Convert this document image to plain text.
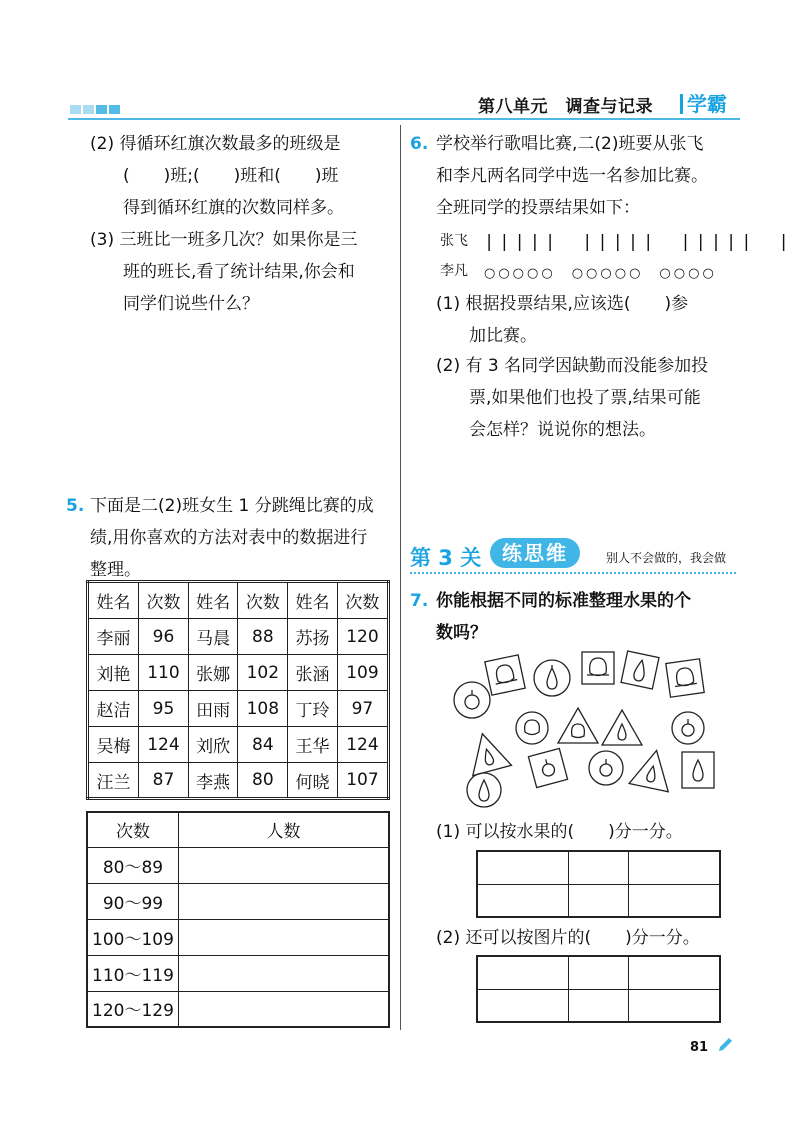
第八单元　调查与记录	学霸
(2) 得循环红旗次数最多的班级是
(　　)班;(　　)班和(　　)班
得到循环红旗的次数同样多。
(3) 三班比一班多几次？如果你是三
班的班长,看了统计结果,你会和
同学们说些什么？
5. 下面是二(2)班女生 1 分跳绳比赛的成
绩,用你喜欢的方法对表中的数据进行
整理。
姓名	次数	姓名	次数	姓名	次数
李丽	96	马晨	88	苏扬	120
刘艳	110	张娜	102	张涵	109
赵洁	95	田雨	108	丁玲	97
吴梅	124	刘欣	84	王华	124
汪兰	87	李燕	80	何晓	107
次数	人数
80～89	
90～99	
100～109	
110～119	
120～129	
6. 学校举行歌唱比赛,二(2)班要从张飞
和李凡两名同学中选一名参加比赛。
全班同学的投票结果如下：
张飞 |||||　|||||　|||||　|
李凡 ○○○○○　○○○○○　○○○○
(1) 根据投票结果,应该选(　　)参
加比赛。
(2) 有 3 名同学因缺勤而没能参加投
票,如果他们也投了票,结果可能
会怎样？说说你的想法。
第 3 关	练思维	别人不会做的，我会做
7. 你能根据不同的标准整理水果的个
数吗？
(1) 可以按水果的(　　)分一分。

(2) 还可以按图片的(　　)分一分。

81
